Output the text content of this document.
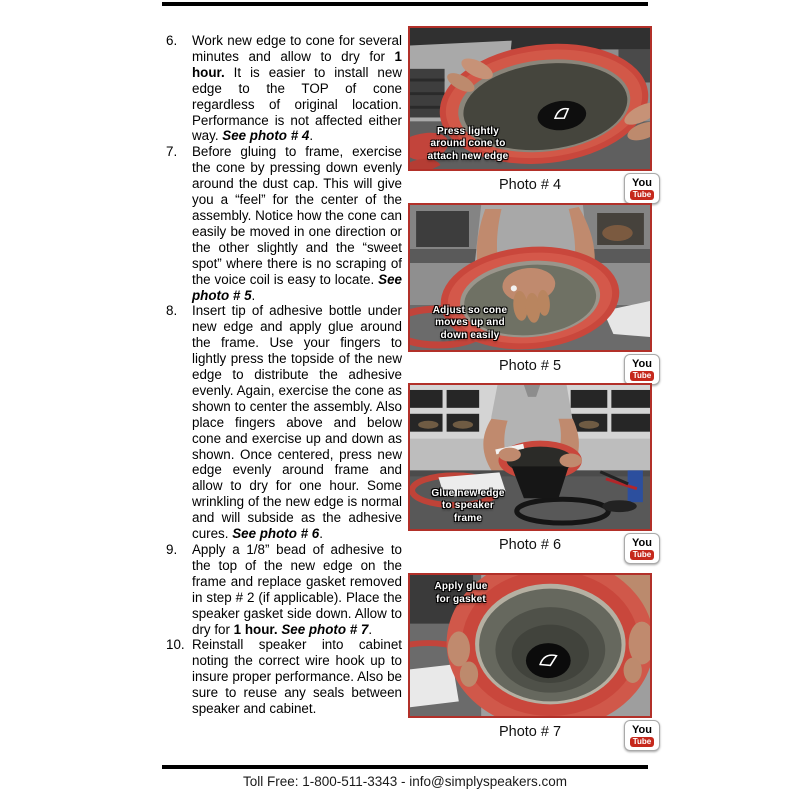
6. Work new edge to cone for several minutes and allow to dry for 1 hour. It is easier to install new edge to the TOP of cone regardless of original location. Performance is not affected either way. See photo # 4.
7. Before gluing to frame, exercise the cone by pressing down evenly around the dust cap. This will give you a “feel” for the center of the assembly. Notice how the cone can easily be moved in one direction or the other slightly and the “sweet spot” where there is no scraping of the voice coil is easy to locate. See photo # 5.
8. Insert tip of adhesive bottle under new edge and apply glue around the frame. Use your fingers to lightly press the topside of the new edge to distribute the adhesive evenly. Again, exercise the cone as shown to center the assembly. Also place fingers above and below cone and exercise up and down as shown. Once centered, press new edge evenly around frame and allow to dry for one hour. Some wrinkling of the new edge is normal and will subside as the adhesive cures. See photo # 6.
9. Apply a 1/8” bead of adhesive to the top of the new edge on the frame and replace gasket removed in step # 2 (if applicable). Place the speaker gasket side down. Allow to dry for 1 hour. See photo # 7.
10. Reinstall speaker into cabinet noting the correct wire hook up to insure proper performance. Also be sure to reuse any seals between speaker and cabinet.
Press lightly
around cone to
attach new edge
Photo # 4	You
Tube
Adjust so cone
moves up and
down easily
Photo # 5	You
Tube
Glue new edge
to speaker
frame
Photo # 6	You
Tube
Apply glue
for gasket
Photo # 7	You
Tube
Toll Free: 1-800-511-3343 - info@simplyspeakers.com
